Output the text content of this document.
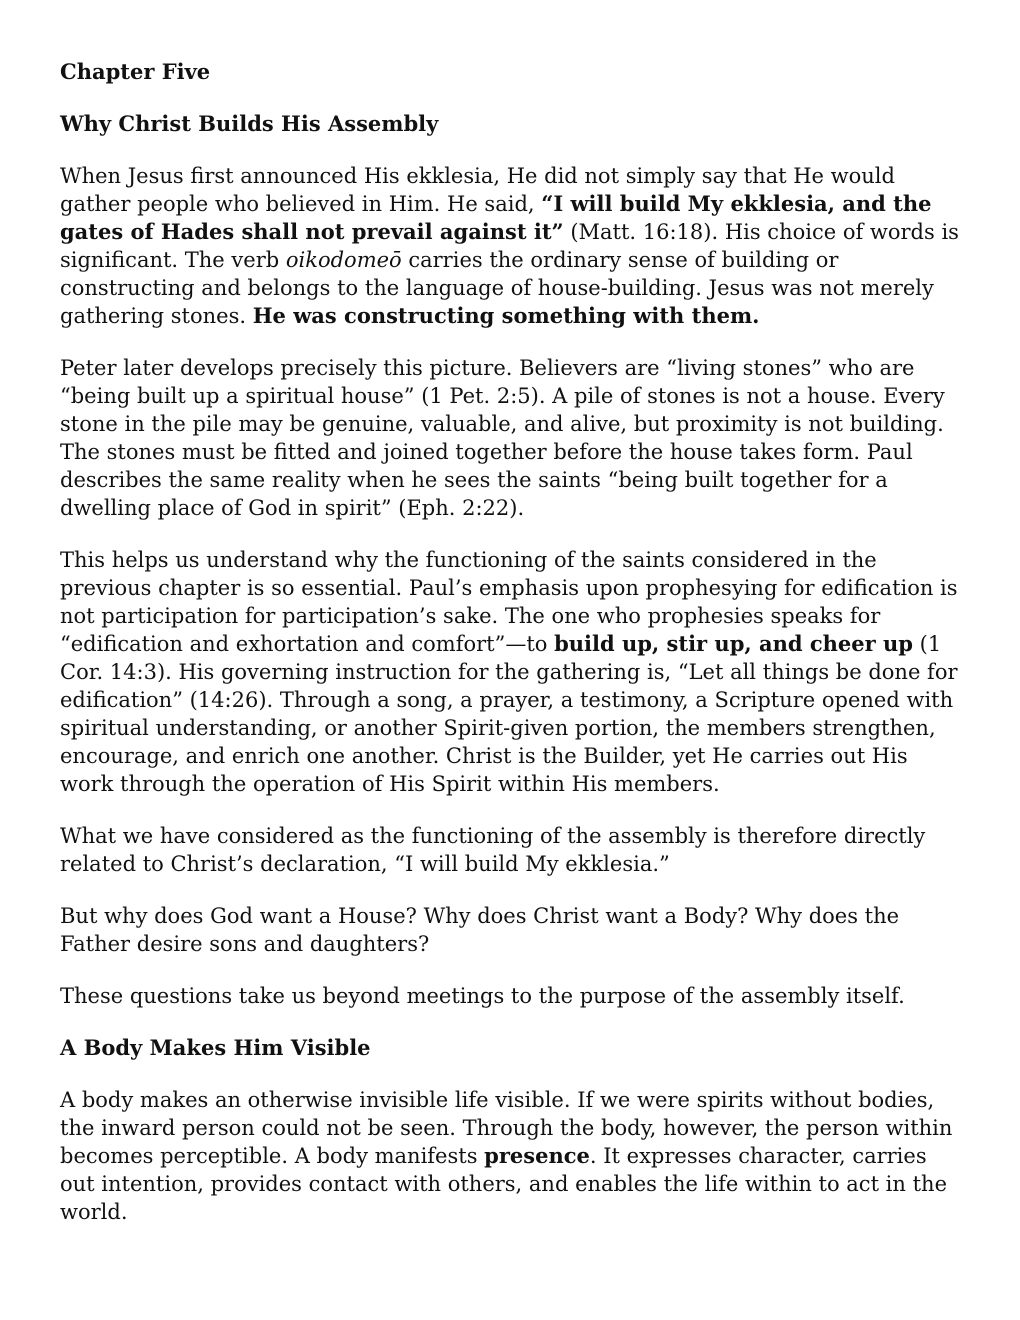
Chapter Five

Why Christ Builds His Assembly

When Jesus first announced His ekklesia, He did not simply say that He would gather people who believed in Him. He said, “I will build My ekklesia, and the gates of Hades shall not prevail against it” (Matt. 16:18). His choice of words is significant. The verb oikodomeō carries the ordinary sense of building or constructing and belongs to the language of house-building. Jesus was not merely gathering stones. He was constructing something with them.

Peter later develops precisely this picture. Believers are “living stones” who are “being built up a spiritual house” (1 Pet. 2:5). A pile of stones is not a house. Every stone in the pile may be genuine, valuable, and alive, but proximity is not building. The stones must be fitted and joined together before the house takes form. Paul describes the same reality when he sees the saints “being built together for a dwelling place of God in spirit” (Eph. 2:22).

This helps us understand why the functioning of the saints considered in the previous chapter is so essential. Paul’s emphasis upon prophesying for edification is not participation for participation’s sake. The one who prophesies speaks for “edification and exhortation and comfort”—to build up, stir up, and cheer up (1 Cor. 14:3). His governing instruction for the gathering is, “Let all things be done for edification” (14:26). Through a song, a prayer, a testimony, a Scripture opened with spiritual understanding, or another Spirit-given portion, the members strengthen, encourage, and enrich one another. Christ is the Builder, yet He carries out His work through the operation of His Spirit within His members.

What we have considered as the functioning of the assembly is therefore directly related to Christ’s declaration, “I will build My ekklesia.”

But why does God want a House? Why does Christ want a Body? Why does the Father desire sons and daughters?

These questions take us beyond meetings to the purpose of the assembly itself.

A Body Makes Him Visible

A body makes an otherwise invisible life visible. If we were spirits without bodies, the inward person could not be seen. Through the body, however, the person within becomes perceptible. A body manifests presence. It expresses character, carries out intention, provides contact with others, and enables the life within to act in the world.
